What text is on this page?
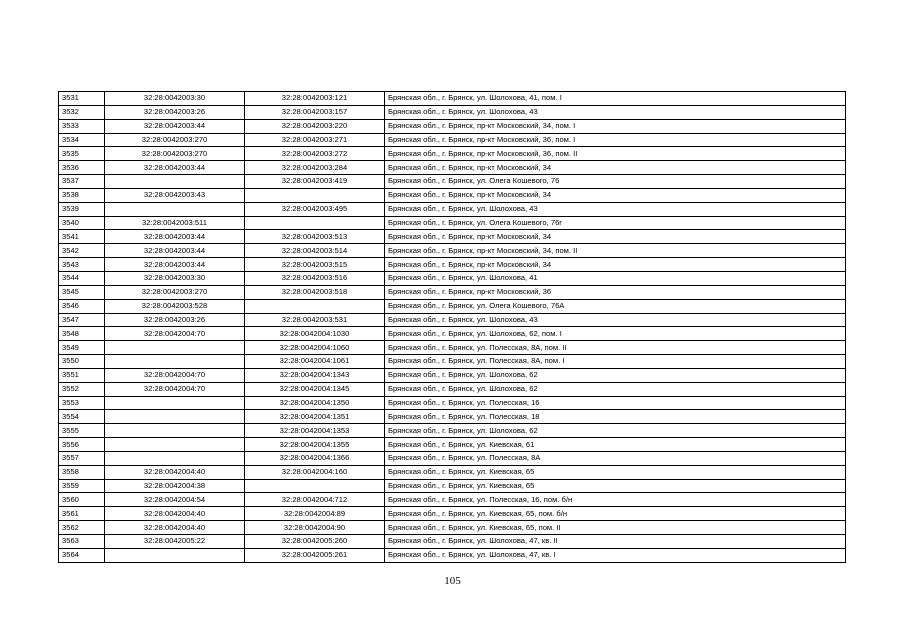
3531	32:28:0042003:30	32:28:0042003:121	Брянская обл., г. Брянск, ул. Шолохова, 41, пом. I
3532	32:28:0042003:26	32:28:0042003:157	Брянская обл., г. Брянск, ул. Шолохова, 43
3533	32:28:0042003:44	32:28:0042003:220	Брянская обл., г. Брянск, пр-кт Московский, 34, пом. I
3534	32:28:0042003:270	32:28:0042003:271	Брянская обл., г. Брянск, пр-кт Московский, 36, пом. I
3535	32:28:0042003:270	32:28:0042003:272	Брянская обл., г. Брянск, пр-кт Московский, 36, пом. II
3536	32:28:0042003:44	32:28:0042003:284	Брянская обл., г. Брянск, пр-кт Московский, 34
3537		32:28:0042003:419	Брянская обл., г. Брянск, ул. Олега Кошевого, 76
3538	32:28:0042003:43		Брянская обл., г. Брянск, пр-кт Московский, 34
3539		32:28:0042003:495	Брянская обл., г. Брянск, ул. Шолохова, 43
3540	32:28:0042003:511		Брянская обл., г. Брянск, ул. Олега Кошевого, 76г
3541	32:28:0042003:44	32:28:0042003:513	Брянская обл., г. Брянск, пр-кт Московский, 34
3542	32:28:0042003:44	32:28:0042003:514	Брянская обл., г. Брянск, пр-кт Московский, 34, пом. II
3543	32:28:0042003:44	32:28:0042003:515	Брянская обл., г. Брянск, пр-кт Московский, 34
3544	32:28:0042003:30	32:28:0042003:516	Брянская обл., г. Брянск, ул. Шолохова, 41
3545	32:28:0042003:270	32:28:0042003:518	Брянская обл., г. Брянск, пр-кт Московский, 36
3546	32:28:0042003:528		Брянская обл., г. Брянск, ул. Олега Кошевого, 76А
3547	32:28:0042003:26	32:28:0042003:531	Брянская обл., г. Брянск, ул. Шолохова, 43
3548	32:28:0042004:70	32:28:0042004:1030	Брянская обл., г. Брянск, ул. Шолохова, 62, пом. I
3549		32:28:0042004:1060	Брянская обл., г. Брянск, ул. Полесская, 8А, пом. II
3550		32:28:0042004:1061	Брянская обл., г. Брянск, ул. Полесская, 8А, пом. I
3551	32:28:0042004:70	32:28:0042004:1343	Брянская обл., г. Брянск, ул. Шолохова, 62
3552	32:28:0042004:70	32:28:0042004:1345	Брянская обл., г. Брянск, ул. Шолохова, 62
3553		32:28:0042004:1350	Брянская обл., г. Брянск, ул. Полесская, 16
3554		32:28:0042004:1351	Брянская обл., г. Брянск, ул. Полесская, 18
3555		32:28:0042004:1353	Брянская обл., г. Брянск, ул. Шолохова, 62
3556		32:28:0042004:1355	Брянская обл., г. Брянск, ул. Киевская, 61
3557		32:28:0042004:1366	Брянская обл., г. Брянск, ул. Полесская, 8А
3558	32:28:0042004:40	32:28:0042004:160	Брянская обл., г. Брянск, ул. Киевская, 65
3559	32:28:0042004:38		Брянская обл., г. Брянск, ул. Киевская, 65
3560	32:28:0042004:54	32:28:0042004:712	Брянская обл., г. Брянск, ул. Полесская, 16, пом. б/н
3561	32:28:0042004:40	32:28:0042004:89	Брянская обл., г. Брянск, ул. Киевская, 65, пом. б/н
3562	32:28:0042004:40	32:28:0042004:90	Брянская обл., г. Брянск, ул. Киевская, 65, пом. II
3563	32:28:0042005:22	32:28:0042005:260	Брянская обл., г. Брянск, ул. Шолохова, 47, кв. II
3564		32:28:0042005:261	Брянская обл., г. Брянск, ул. Шолохова, 47, кв. I
105
